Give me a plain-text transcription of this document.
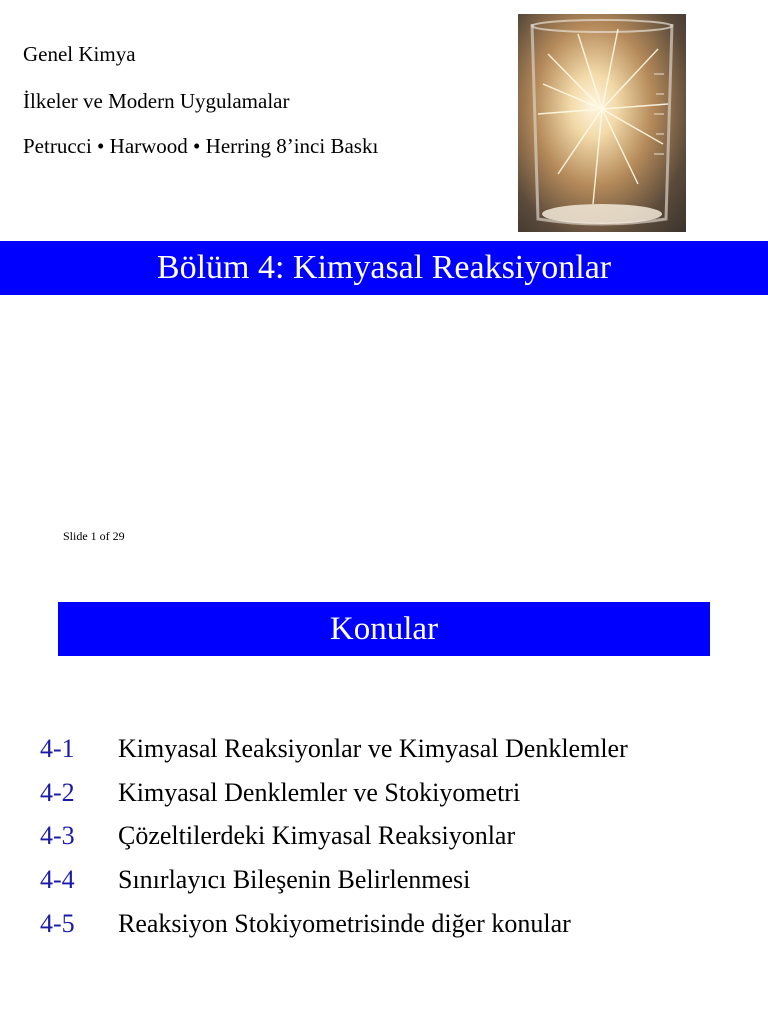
Genel Kimya
İlkeler ve Modern Uygulamalar
Petrucci • Harwood • Herring 8’inci Baskı
Bölüm 4: Kimyasal Reaksiyonlar
Slide 1 of 29
Konular
4-1 Kimyasal Reaksiyonlar ve Kimyasal Denklemler
4-2 Kimyasal Denklemler ve Stokiyometri
4-3 Çözeltilerdeki Kimyasal Reaksiyonlar
4-4 Sınırlayıcı Bileşenin Belirlenmesi
4-5 Reaksiyon Stokiyometrisinde diğer konular
